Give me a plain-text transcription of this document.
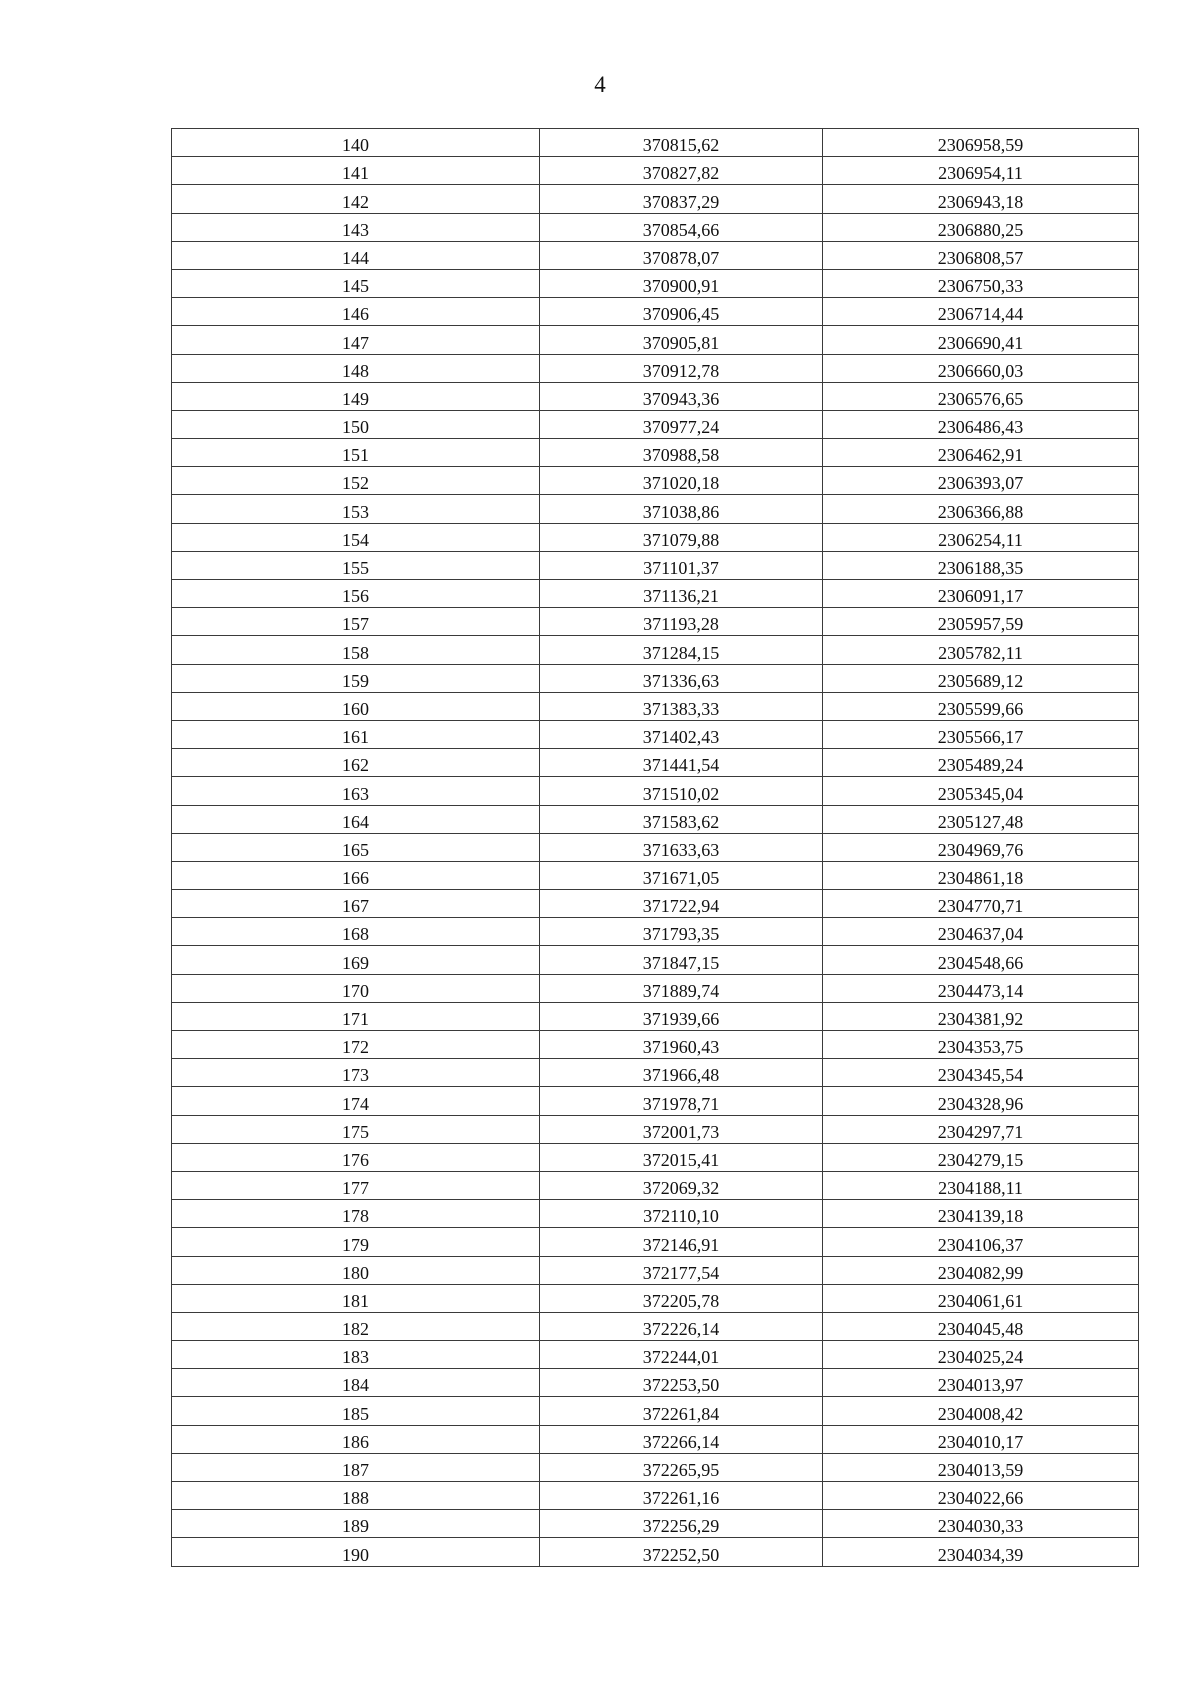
4
140	370815,62	2306958,59
141	370827,82	2306954,11
142	370837,29	2306943,18
143	370854,66	2306880,25
144	370878,07	2306808,57
145	370900,91	2306750,33
146	370906,45	2306714,44
147	370905,81	2306690,41
148	370912,78	2306660,03
149	370943,36	2306576,65
150	370977,24	2306486,43
151	370988,58	2306462,91
152	371020,18	2306393,07
153	371038,86	2306366,88
154	371079,88	2306254,11
155	371101,37	2306188,35
156	371136,21	2306091,17
157	371193,28	2305957,59
158	371284,15	2305782,11
159	371336,63	2305689,12
160	371383,33	2305599,66
161	371402,43	2305566,17
162	371441,54	2305489,24
163	371510,02	2305345,04
164	371583,62	2305127,48
165	371633,63	2304969,76
166	371671,05	2304861,18
167	371722,94	2304770,71
168	371793,35	2304637,04
169	371847,15	2304548,66
170	371889,74	2304473,14
171	371939,66	2304381,92
172	371960,43	2304353,75
173	371966,48	2304345,54
174	371978,71	2304328,96
175	372001,73	2304297,71
176	372015,41	2304279,15
177	372069,32	2304188,11
178	372110,10	2304139,18
179	372146,91	2304106,37
180	372177,54	2304082,99
181	372205,78	2304061,61
182	372226,14	2304045,48
183	372244,01	2304025,24
184	372253,50	2304013,97
185	372261,84	2304008,42
186	372266,14	2304010,17
187	372265,95	2304013,59
188	372261,16	2304022,66
189	372256,29	2304030,33
190	372252,50	2304034,39
